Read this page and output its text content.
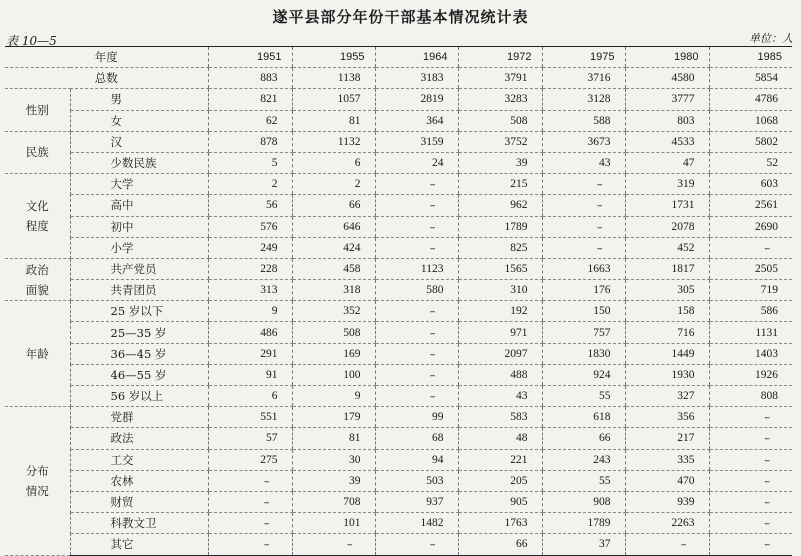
遂平县部分年份干部基本情况统计表
表 10—5	单位：人
年度		1951	1955	1964	1972	1975	1980	1985
总数		883	1138	3183	3791	3716	4580	5854
性别	男	821	1057	2819	3283	3128	3777	4786
	女	62	81	364	508	588	803	1068
民族	汉	878	1132	3159	3752	3673	4533	5802
	少数民族	5	6	24	39	43	47	52
文化
程度	大学	2	2	–	215	–	319	603
	高中	56	66	–	962	–	1731	2561
	初中	576	646	–	1789	–	2078	2690
	小学	249	424	–	825	–	452	–
政治
面貌	共产党员	228	458	1123	1565	1663	1817	2505
	共青团员	313	318	580	310	176	305	719
年龄	25 岁以下	9	352	–	192	150	158	586
	25—35 岁	486	508	–	971	757	716	1131
	36—45 岁	291	169	–	2097	1830	1449	1403
	46—55 岁	91	100	–	488	924	1930	1926
	56 岁以上	6	9	–	43	55	327	808
分布
情况	党群	551	179	99	583	618	356	–
	政法	57	81	68	48	66	217	–
	工交	275	30	94	221	243	335	–
	农林	–	39	503	205	55	470	–
	财贸	–	708	937	905	908	939	–
	科教文卫	–	101	1482	1763	1789	2263	–
	其它	–	–	–	66	37	–	–
